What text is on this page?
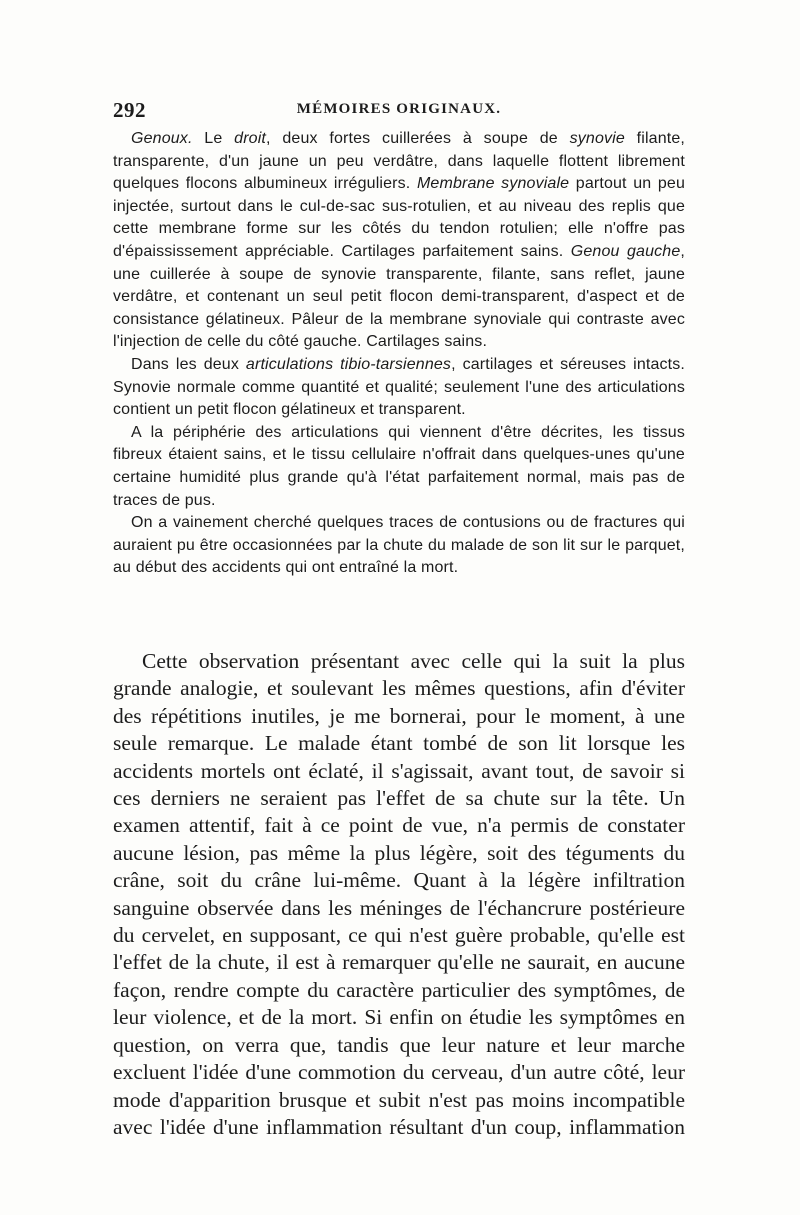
292	MÉMOIRES ORIGINAUX.

Genoux. Le droit, deux fortes cuillerées à soupe de synovie filante, transparente, d'un jaune un peu verdâtre, dans laquelle flottent librement quelques flocons albumineux irréguliers. Membrane synoviale partout un peu injectée, surtout dans le cul-de-sac sus-rotulien, et au niveau des replis que cette membrane forme sur les côtés du tendon rotulien; elle n'offre pas d'épaississement appréciable. Cartilages parfaitement sains. Genou gauche, une cuillerée à soupe de synovie transparente, filante, sans reflet, jaune verdâtre, et contenant un seul petit flocon demi-transparent, d'aspect et de consistance gélatineux. Pâleur de la membrane synoviale qui contraste avec l'injection de celle du côté gauche. Cartilages sains.

Dans les deux articulations tibio-tarsiennes, cartilages et séreuses intacts. Synovie normale comme quantité et qualité; seulement l'une des articulations contient un petit flocon gélatineux et transparent.

A la périphérie des articulations qui viennent d'être décrites, les tissus fibreux étaient sains, et le tissu cellulaire n'offrait dans quelques-unes qu'une certaine humidité plus grande qu'à l'état parfaitement normal, mais pas de traces de pus.

On a vainement cherché quelques traces de contusions ou de fractures qui auraient pu être occasionnées par la chute du malade de son lit sur le parquet, au début des accidents qui ont entraîné la mort.

Cette observation présentant avec celle qui la suit la plus grande analogie, et soulevant les mêmes questions, afin d'éviter des répétitions inutiles, je me bornerai, pour le moment, à une seule remarque. Le malade étant tombé de son lit lorsque les accidents mortels ont éclaté, il s'agissait, avant tout, de savoir si ces derniers ne seraient pas l'effet de sa chute sur la tête. Un examen attentif, fait à ce point de vue, n'a permis de constater aucune lésion, pas même la plus légère, soit des téguments du crâne, soit du crâne lui-même. Quant à la légère infiltration sanguine observée dans les méninges de l'échancrure postérieure du cervelet, en supposant, ce qui n'est guère probable, qu'elle est l'effet de la chute, il est à remarquer qu'elle ne saurait, en aucune façon, rendre compte du caractère particulier des symptômes, de leur violence, et de la mort. Si enfin on étudie les symptômes en question, on verra que, tandis que leur nature et leur marche excluent l'idée d'une commotion du cerveau, d'un autre côté, leur mode d'apparition brusque et subit n'est pas moins incompatible avec l'idée d'une inflammation résultant d'un coup, inflammation
